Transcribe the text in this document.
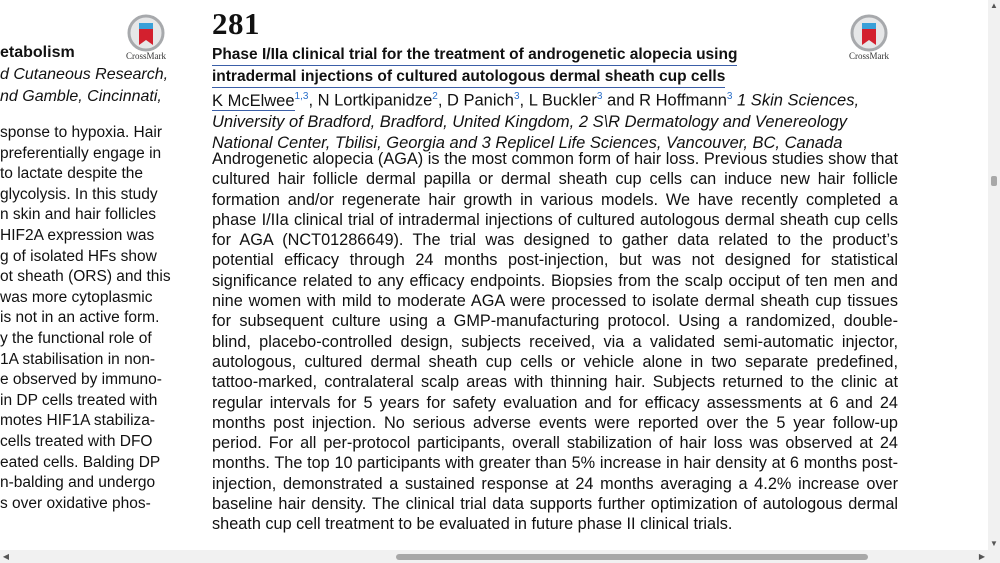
etabolism
d Cutaneous Research,
nd Gamble, Cincinnati,
sponse to hypoxia. Hair
preferentially engage in
to lactate despite the
glycolysis. In this study
n skin and hair follicles
HIF2A expression was
g of isolated HFs show
ot sheath (ORS) and this
was more cytoplasmic
is not in an active form.
y the functional role of
1A stabilisation in non-
e observed by immuno-
in DP cells treated with
motes HIF1A stabiliza-
cells treated with DFO
eated cells. Balding DP
n-balding and undergo
s over oxidative phos-
CrossMark	CrossMark
281
Phase I/IIa clinical trial for the treatment of androgenetic alopecia using
intradermal injections of cultured autologous dermal sheath cup cells
K McElwee$^{1,3}$, N Lortkipanidze$^2$, D Panich$^3$, L Buckler$^3$ and R Hoffmann$^3$ 1 Skin Sciences, University of Bradford, Bradford, United Kingdom, 2 S\R Dermatology and Venereology National Center, Tbilisi, Georgia and 3 Replicel Life Sciences, Vancouver, BC, Canada
Androgenetic alopecia (AGA) is the most common form of hair loss. Previous studies show that cultured hair follicle dermal papilla or dermal sheath cup cells can induce new hair follicle formation and/or regenerate hair growth in various models. We have recently completed a phase I/IIa clinical trial of intradermal injections of cultured autologous dermal sheath cup cells for AGA (NCT01286649). The trial was designed to gather data related to the product’s potential efficacy through 24 months post-injection, but was not designed for statistical significance related to any efficacy endpoints. Biopsies from the scalp occiput of ten men and nine women with mild to moderate AGA were processed to isolate dermal sheath cup tissues for subsequent culture using a GMP-manufacturing protocol. Using a randomized, double-blind, placebo-controlled design, subjects received, via a validated semi-automatic injector, autologous, cultured dermal sheath cup cells or vehicle alone in two separate predefined, tattoo-marked, contralateral scalp areas with thinning hair. Subjects returned to the clinic at regular intervals for 5 years for safety evaluation and for efficacy assessments at 6 and 24 months post injection. No serious adverse events were reported over the 5 year follow-up period. For all per-protocol participants, overall stabilization of hair loss was observed at 24 months. The top 10 participants with greater than 5% increase in hair density at 6 months post-injection, demonstrated a sustained response at 24 months averaging a 4.2% increase over baseline hair density. The clinical trial data supports further optimization of autologous dermal sheath cup cell treatment to be evaluated in future phase II clinical trials.
▲
▼
◀	▶
